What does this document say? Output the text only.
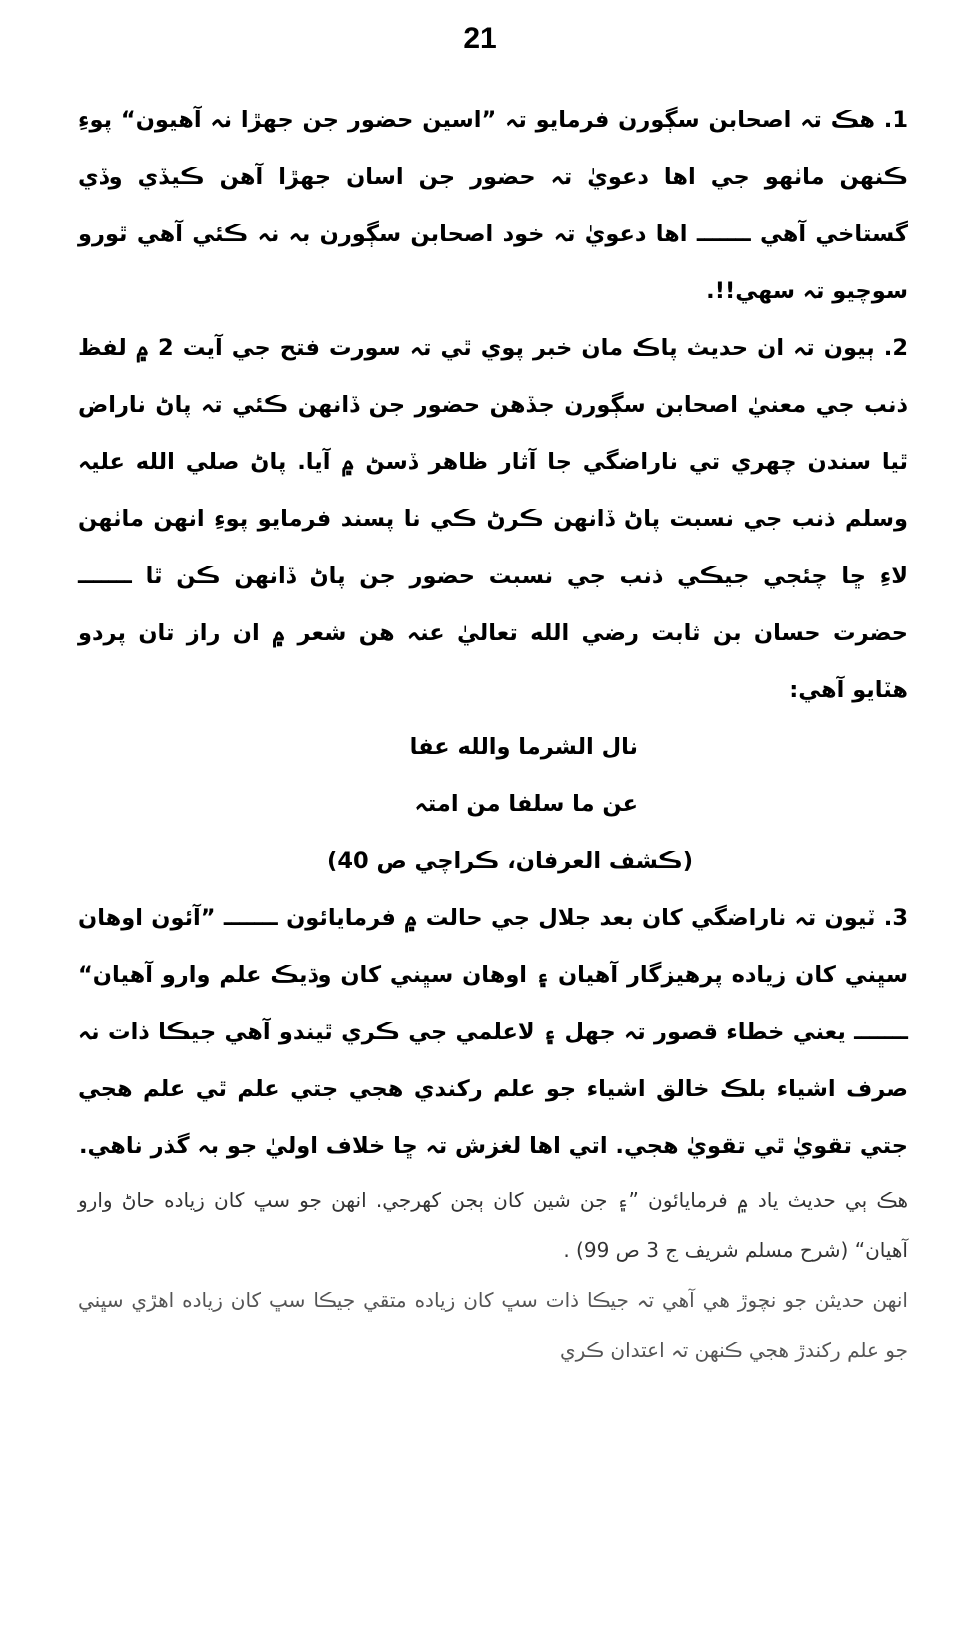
21

1. هڪ تہ اصحابن سڳورن فرمايو تہ ”اسين حضور جن جهڙا نہ آهيون“ پوءِ ڪنهن ماٺهو جي اها دعويٰ تہ حضور جن اسان جهڙا آهن ڪيڏي وڏي گستاخي آهي ـــــــ اها دعويٰ تہ خود اصحابن سڳورن بہ نہ ڪئي آهي ٿورو سوچيو تہ سهي!!.

2. ٻيون تہ ان حديث پاڪ مان خبر پوي ٿي تہ سورت فتح جي آيت 2 ۾ لفظ ذنب جي معنيٰ اصحابن سڳورن جڏهن حضور جن ڏانهن ڪئي تہ پاڻ ناراض ٿيا سندن چهري تي ناراضگي جا آثار ظاهر ڏسڻ ۾ آيا. پاڻ صلي الله عليہ وسلم ذنب جي نسبت پاڻ ڏانهن ڪرڻ ڪي نا پسند فرمايو پوءِ انهن ماٺهن لاءِ ڇا چئجي جيڪي ذنب جي نسبت حضور جن پاڻ ڏانهن ڪن ٿا ـــــــ حضرت حسان بن ثابت رضي الله تعاليٰ عنہ هن شعر ۾ ان راز تان پردو هٽايو آهي:

نال الشرما والله عفا
عن ما سلفا من امتہ
(ڪشف العرفان، ڪراچي ص 40)

3. ٽيون تہ ناراضگي کان بعد جلال جي حالت ۾ فرمايائون ـــــــ ”آئون اوهان سڀني کان زياده پرهيزگار آهيان ۽ اوهان سڀني کان وڌيڪ علم وارو آهيان“ ـــــــ يعني خطاء قصور تہ جهل ۽ لاعلمي جي ڪري ٿيندو آهي جيڪا ذات نہ صرف اشياء بلڪ خالق اشياء جو علم رکندي هجي جتي علم ٿي علم هجي جتي تقويٰ ٿي تقويٰ هجي. اتي اها لغزش تہ ڇا خلاف اوليٰ جو بہ گذر ناهي.

هڪ ٻي حديث ياد ۾ فرمايائون ”۽ جن شين کان ٻجن کهرجي. انهن جو سڀ کان زياده حاڻ وارو آهيان“ (شرح مسلم شريف ج 3 ص 99) .

انهن حديثن جو نچوڙ هي آهي تہ جيڪا ذات سڀ کان زياده متقي جيڪا سڀ کان زياده اهڙي سڀني جو علم رکندڙ هجي ڪنهن تہ اعتدان ڪري
